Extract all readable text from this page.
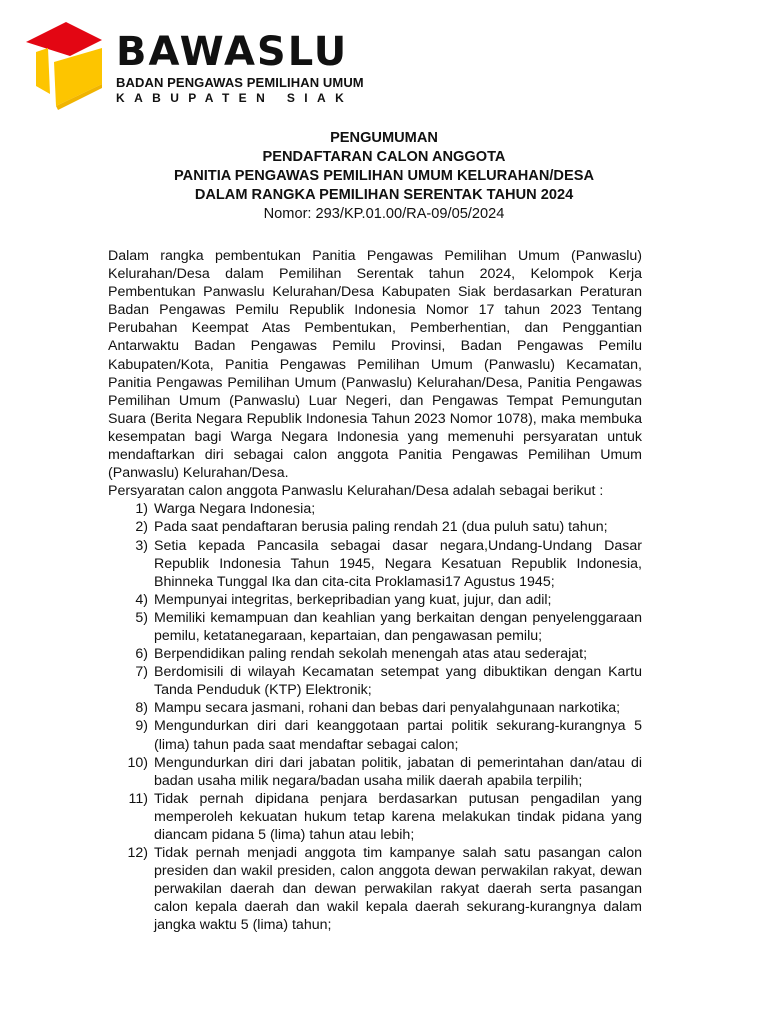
BAWASLU
BADAN PENGAWAS PEMILIHAN UMUM
KABUPATEN SIAK
PENGUMUMAN
PENDAFTARAN CALON ANGGOTA
PANITIA PENGAWAS PEMILIHAN UMUM KELURAHAN/DESA
DALAM RANGKA PEMILIHAN SERENTAK TAHUN 2024
Nomor: 293/KP.01.00/RA-09/05/2024

Dalam rangka pembentukan Panitia Pengawas Pemilihan Umum (Panwaslu) Kelurahan/Desa dalam Pemilihan Serentak tahun 2024, Kelompok Kerja Pembentukan Panwaslu Kelurahan/Desa Kabupaten Siak berdasarkan Peraturan Badan Pengawas Pemilu Republik Indonesia Nomor 17 tahun 2023 Tentang Perubahan Keempat Atas Pembentukan, Pemberhentian, dan Penggantian Antarwaktu Badan Pengawas Pemilu Provinsi, Badan Pengawas Pemilu Kabupaten/Kota, Panitia Pengawas Pemilihan Umum (Panwaslu) Kecamatan, Panitia Pengawas Pemilihan Umum (Panwaslu) Kelurahan/Desa, Panitia Pengawas Pemilihan Umum (Panwaslu) Luar Negeri, dan Pengawas Tempat Pemungutan Suara (Berita Negara Republik Indonesia Tahun 2023 Nomor 1078), maka membuka kesempatan bagi Warga Negara Indonesia yang memenuhi persyaratan untuk mendaftarkan diri sebagai calon anggota Panitia Pengawas Pemilihan Umum (Panwaslu) Kelurahan/Desa.

Persyaratan calon anggota Panwaslu Kelurahan/Desa adalah sebagai berikut :

1) Warga Negara Indonesia;
2) Pada saat pendaftaran berusia paling rendah 21 (dua puluh satu) tahun;
3) Setia kepada Pancasila sebagai dasar negara,Undang-Undang Dasar Republik Indonesia Tahun 1945, Negara Kesatuan Republik Indonesia, Bhinneka Tunggal Ika dan cita-cita Proklamasi17 Agustus 1945;
4) Mempunyai integritas, berkepribadian yang kuat, jujur, dan adil;
5) Memiliki kemampuan dan keahlian yang berkaitan dengan penyelenggaraan pemilu, ketatanegaraan, kepartaian, dan pengawasan pemilu;
6) Berpendidikan paling rendah sekolah menengah atas atau sederajat;
7) Berdomisili di wilayah Kecamatan setempat yang dibuktikan dengan Kartu Tanda Penduduk (KTP) Elektronik;
8) Mampu secara jasmani, rohani dan bebas dari penyalahgunaan narkotika;
9) Mengundurkan diri dari keanggotaan partai politik sekurang-kurangnya 5 (lima) tahun pada saat mendaftar sebagai calon;
10) Mengundurkan diri dari jabatan politik, jabatan di pemerintahan dan/atau di badan usaha milik negara/badan usaha milik daerah apabila terpilih;
11) Tidak pernah dipidana penjara berdasarkan putusan pengadilan yang memperoleh kekuatan hukum tetap karena melakukan tindak pidana yang diancam pidana 5 (lima) tahun atau lebih;
12) Tidak pernah menjadi anggota tim kampanye salah satu pasangan calon presiden dan wakil presiden, calon anggota dewan perwakilan rakyat, dewan perwakilan daerah dan dewan perwakilan rakyat daerah serta pasangan calon kepala daerah dan wakil kepala daerah sekurang-kurangnya dalam jangka waktu 5 (lima) tahun;
